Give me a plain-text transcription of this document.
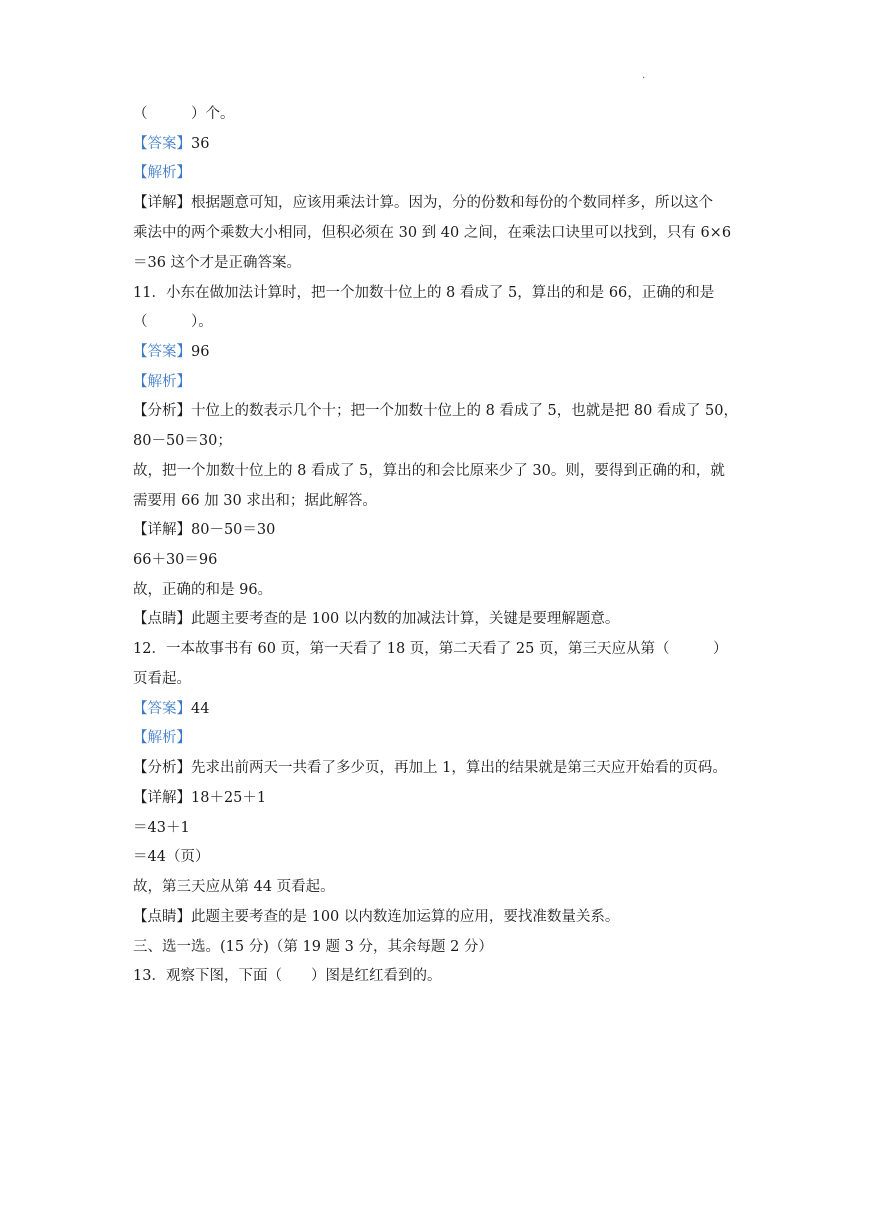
.
（　　　）个。
【答案】36
【解析】
【详解】根据题意可知，应该用乘法计算。因为，分的份数和每份的个数同样多，所以这个
乘法中的两个乘数大小相同，但积必须在 30 到 40 之间，在乘法口诀里可以找到，只有 6×6
＝36 这个才是正确答案。
11．小东在做加法计算时，把一个加数十位上的 8 看成了 5，算出的和是 66，正确的和是
（　　　）。
【答案】96
【解析】
【分析】十位上的数表示几个十；把一个加数十位上的 8 看成了 5，也就是把 80 看成了 50，
80－50＝30；
故，把一个加数十位上的 8 看成了 5，算出的和会比原来少了 30。则，要得到正确的和，就
需要用 66 加 30 求出和；据此解答。
【详解】80－50＝30
66＋30＝96
故，正确的和是 96。
【点睛】此题主要考查的是 100 以内数的加减法计算，关键是要理解题意。
12．一本故事书有 60 页，第一天看了 18 页，第二天看了 25 页，第三天应从第（　　　）
页看起。
【答案】44
【解析】
【分析】先求出前两天一共看了多少页，再加上 1，算出的结果就是第三天应开始看的页码。
【详解】18＋25＋1
＝43＋1
＝44（页）
故，第三天应从第 44 页看起。
【点睛】此题主要考查的是 100 以内数连加运算的应用，要找准数量关系。
三、选一选。(15 分)（第 19 题 3 分，其余每题 2 分）
13．观察下图，下面（　　）图是红红看到的。
